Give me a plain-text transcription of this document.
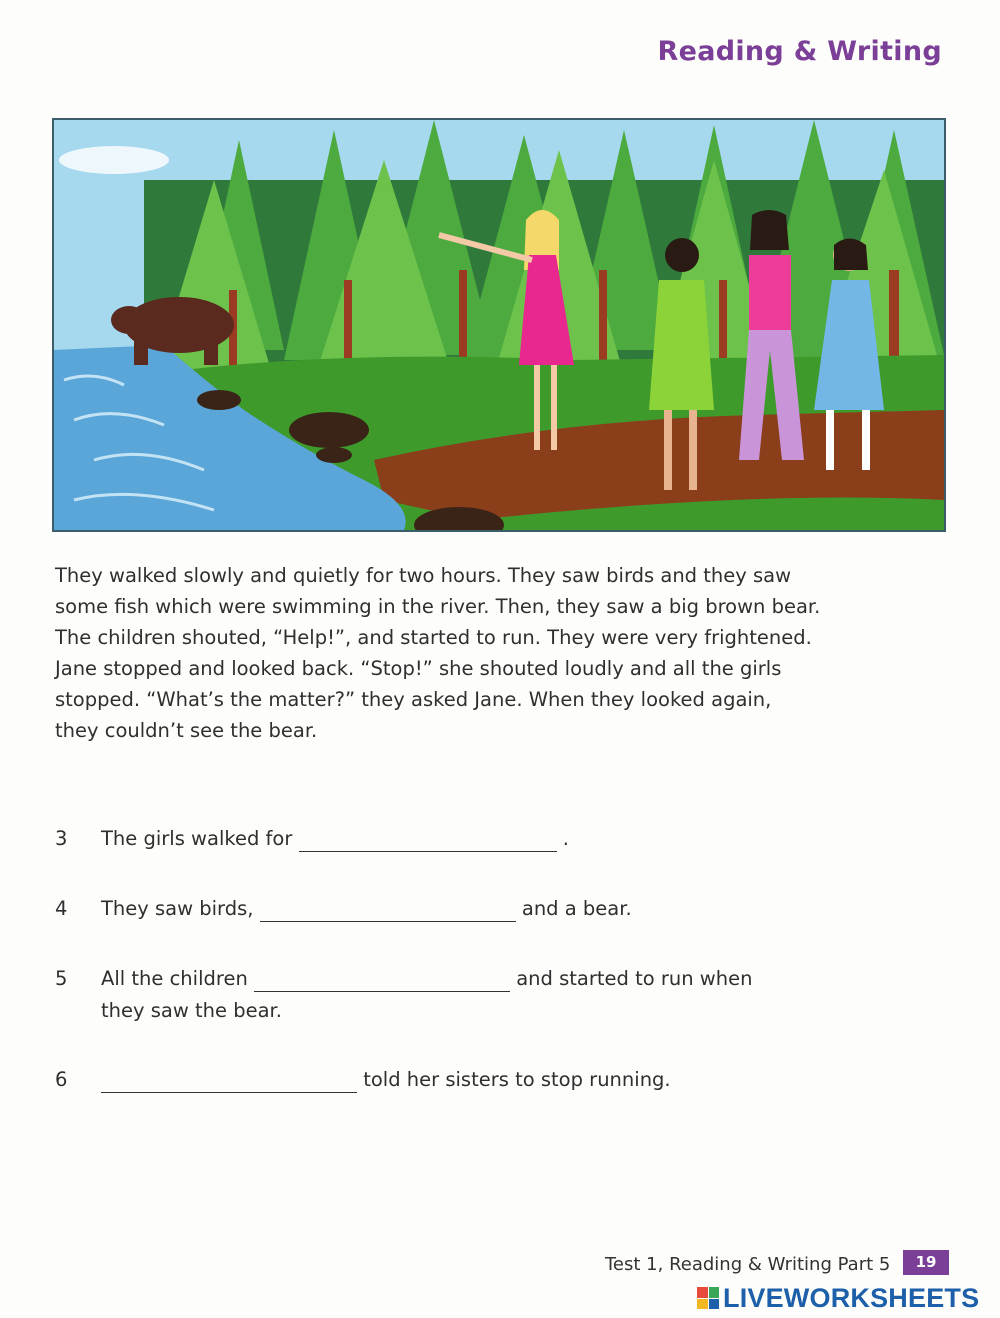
Reading & Writing

They walked slowly and quietly for two hours. They saw birds and they saw

some fish which were swimming in the river. Then, they saw a big brown bear.

The children shouted, “Help!”, and started to run. They were very frightened.

Jane stopped and looked back. “Stop!” she shouted loudly and all the girls

stopped. “What’s the matter?” they asked Jane. When they looked again,

they couldn’t see the bear.

3	The girls walked for	.
4	They saw birds,	and a bear.
5	All the children	and started to run when
they saw the bear.
6	told her sisters to stop running.
Test 1, Reading & Writing Part 5	19
LIVEWORKSHEETS
